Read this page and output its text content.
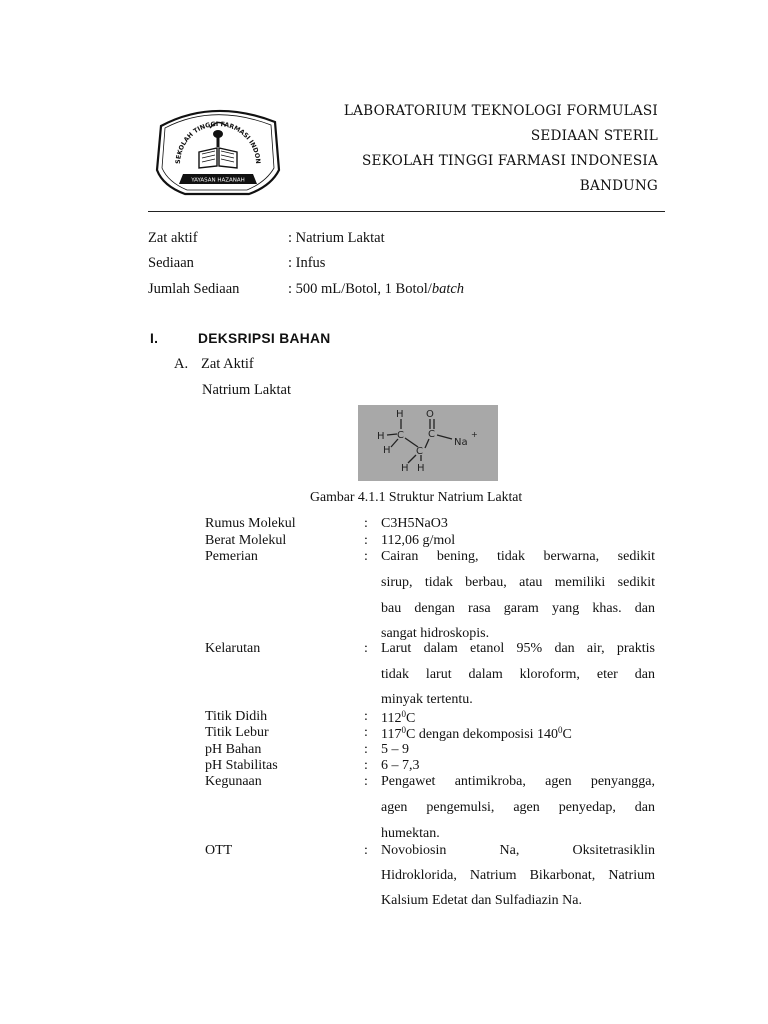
SEKOLAH TINGGI FARMASI INDON
YAYASAN HAZANAH
LABORATORIUM TEKNOLOGI FORMULASI
SEDIAAN STERIL
SEKOLAH TINGGI FARMASI INDONESIA
BANDUNG
Zat aktif	: Natrium Laktat
Sediaan	: Infus
Jumlah Sediaan	: 500 mL/Botol, 1 Botol/batch
I.	DEKSRIPSI BAHAN
A. Zat Aktif
Natrium Laktat
H
H
H
C
C
H H
C
O
Na
+
Gambar 4.1.1 Struktur Natrium Laktat
Rumus Molekul	: C3H5NaO3
Berat Molekul	: 112,06 g/mol
Pemerian	: Cairan bening, tidak berwarna, sedikit
sirup, tidak berbau, atau memiliki sedikit
bau dengan rasa garam yang khas. dan
sangat hidroskopis.
Kelarutan	: Larut dalam etanol 95% dan air, praktis
tidak larut dalam kloroform, eter dan
minyak tertentu.
Titik Didih	: $112^0C$
Titik Lebur	: $117^0C$ dengan dekomposisi $140^0C$
pH Bahan	: 5 – 9
pH Stabilitas	: 6 – 7,3
Kegunaan	: Pengawet antimikroba, agen penyangga,
agen pengemulsi, agen penyedap, dan
humektan.
OTT	: Novobiosin Na, Oksitetrasiklin
Hidroklorida, Natrium Bikarbonat, Natrium
Kalsium Edetat dan Sulfadiazin Na.
